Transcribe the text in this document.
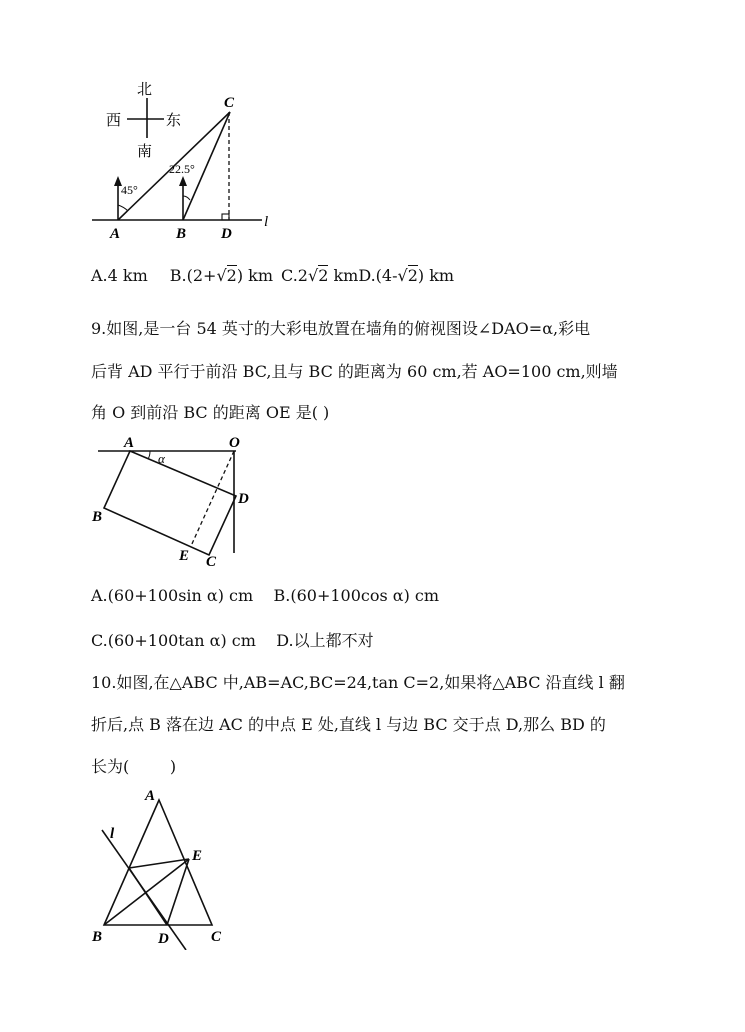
北
西	东
南
45°
22.5°
A	B
C
D
l
A.4 km B.(2+√2) km C.2√2 kmD.(4-√2) km
9.如图,是一台 54 英寸的大彩电放置在墙角的俯视图设∠DAO=α,彩电
后背 AD 平行于前沿 BC,且与 BC 的距离为 60 cm,若 AO=100 cm,则墙
角 O 到前沿 BC 的距离 OE 是( )
A	O
α
B
D
E C
A.(60+100sin α) cm    B.(60+100cos α) cm
C.(60+100tan α) cm    D.以上都不对
10.如图,在△ABC 中,AB=AC,BC=24,tan C=2,如果将△ABC 沿直线 l 翻
折后,点 B 落在边 AC 的中点 E 处,直线 l 与边 BC 交于点 D,那么 BD 的
长为(        )
A
l
E
B	D	C
